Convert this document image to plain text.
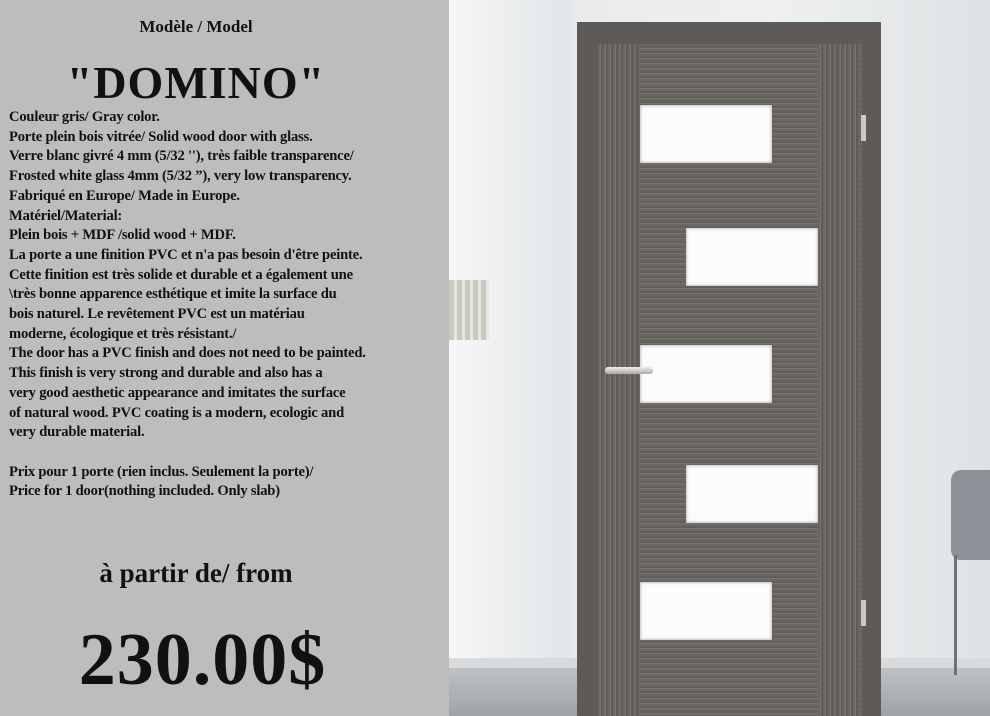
Modèle / Model
"DOMINO"
Couleur gris/ Gray color.
Porte plein bois vitrée/ Solid wood door with glass.
Verre blanc givré 4 mm (5/32 ''), très faible transparence/
Frosted white glass 4mm (5/32 ”), very low transparency.
Fabriqué en Europe/ Made in Europe.
Matériel/Material:
Plein bois + MDF /solid wood + MDF.
La porte a une finition PVC et n'a pas besoin d'être peinte.
Cette finition est très solide et durable et a également une
\très bonne apparence esthétique et imite la surface du
bois naturel. Le revêtement PVC est un matériau
moderne, écologique et très résistant./
The door has a PVC finish and does not need to be painted.
This finish is very strong and durable and also has a
very good aesthetic appearance and imitates the surface
of natural wood. PVC coating is a modern, ecologic and
very durable material.
Prix pour 1 porte (rien inclus. Seulement la porte)/
Price for 1 door(nothing included. Only slab)
à partir de/ from
230.00$
